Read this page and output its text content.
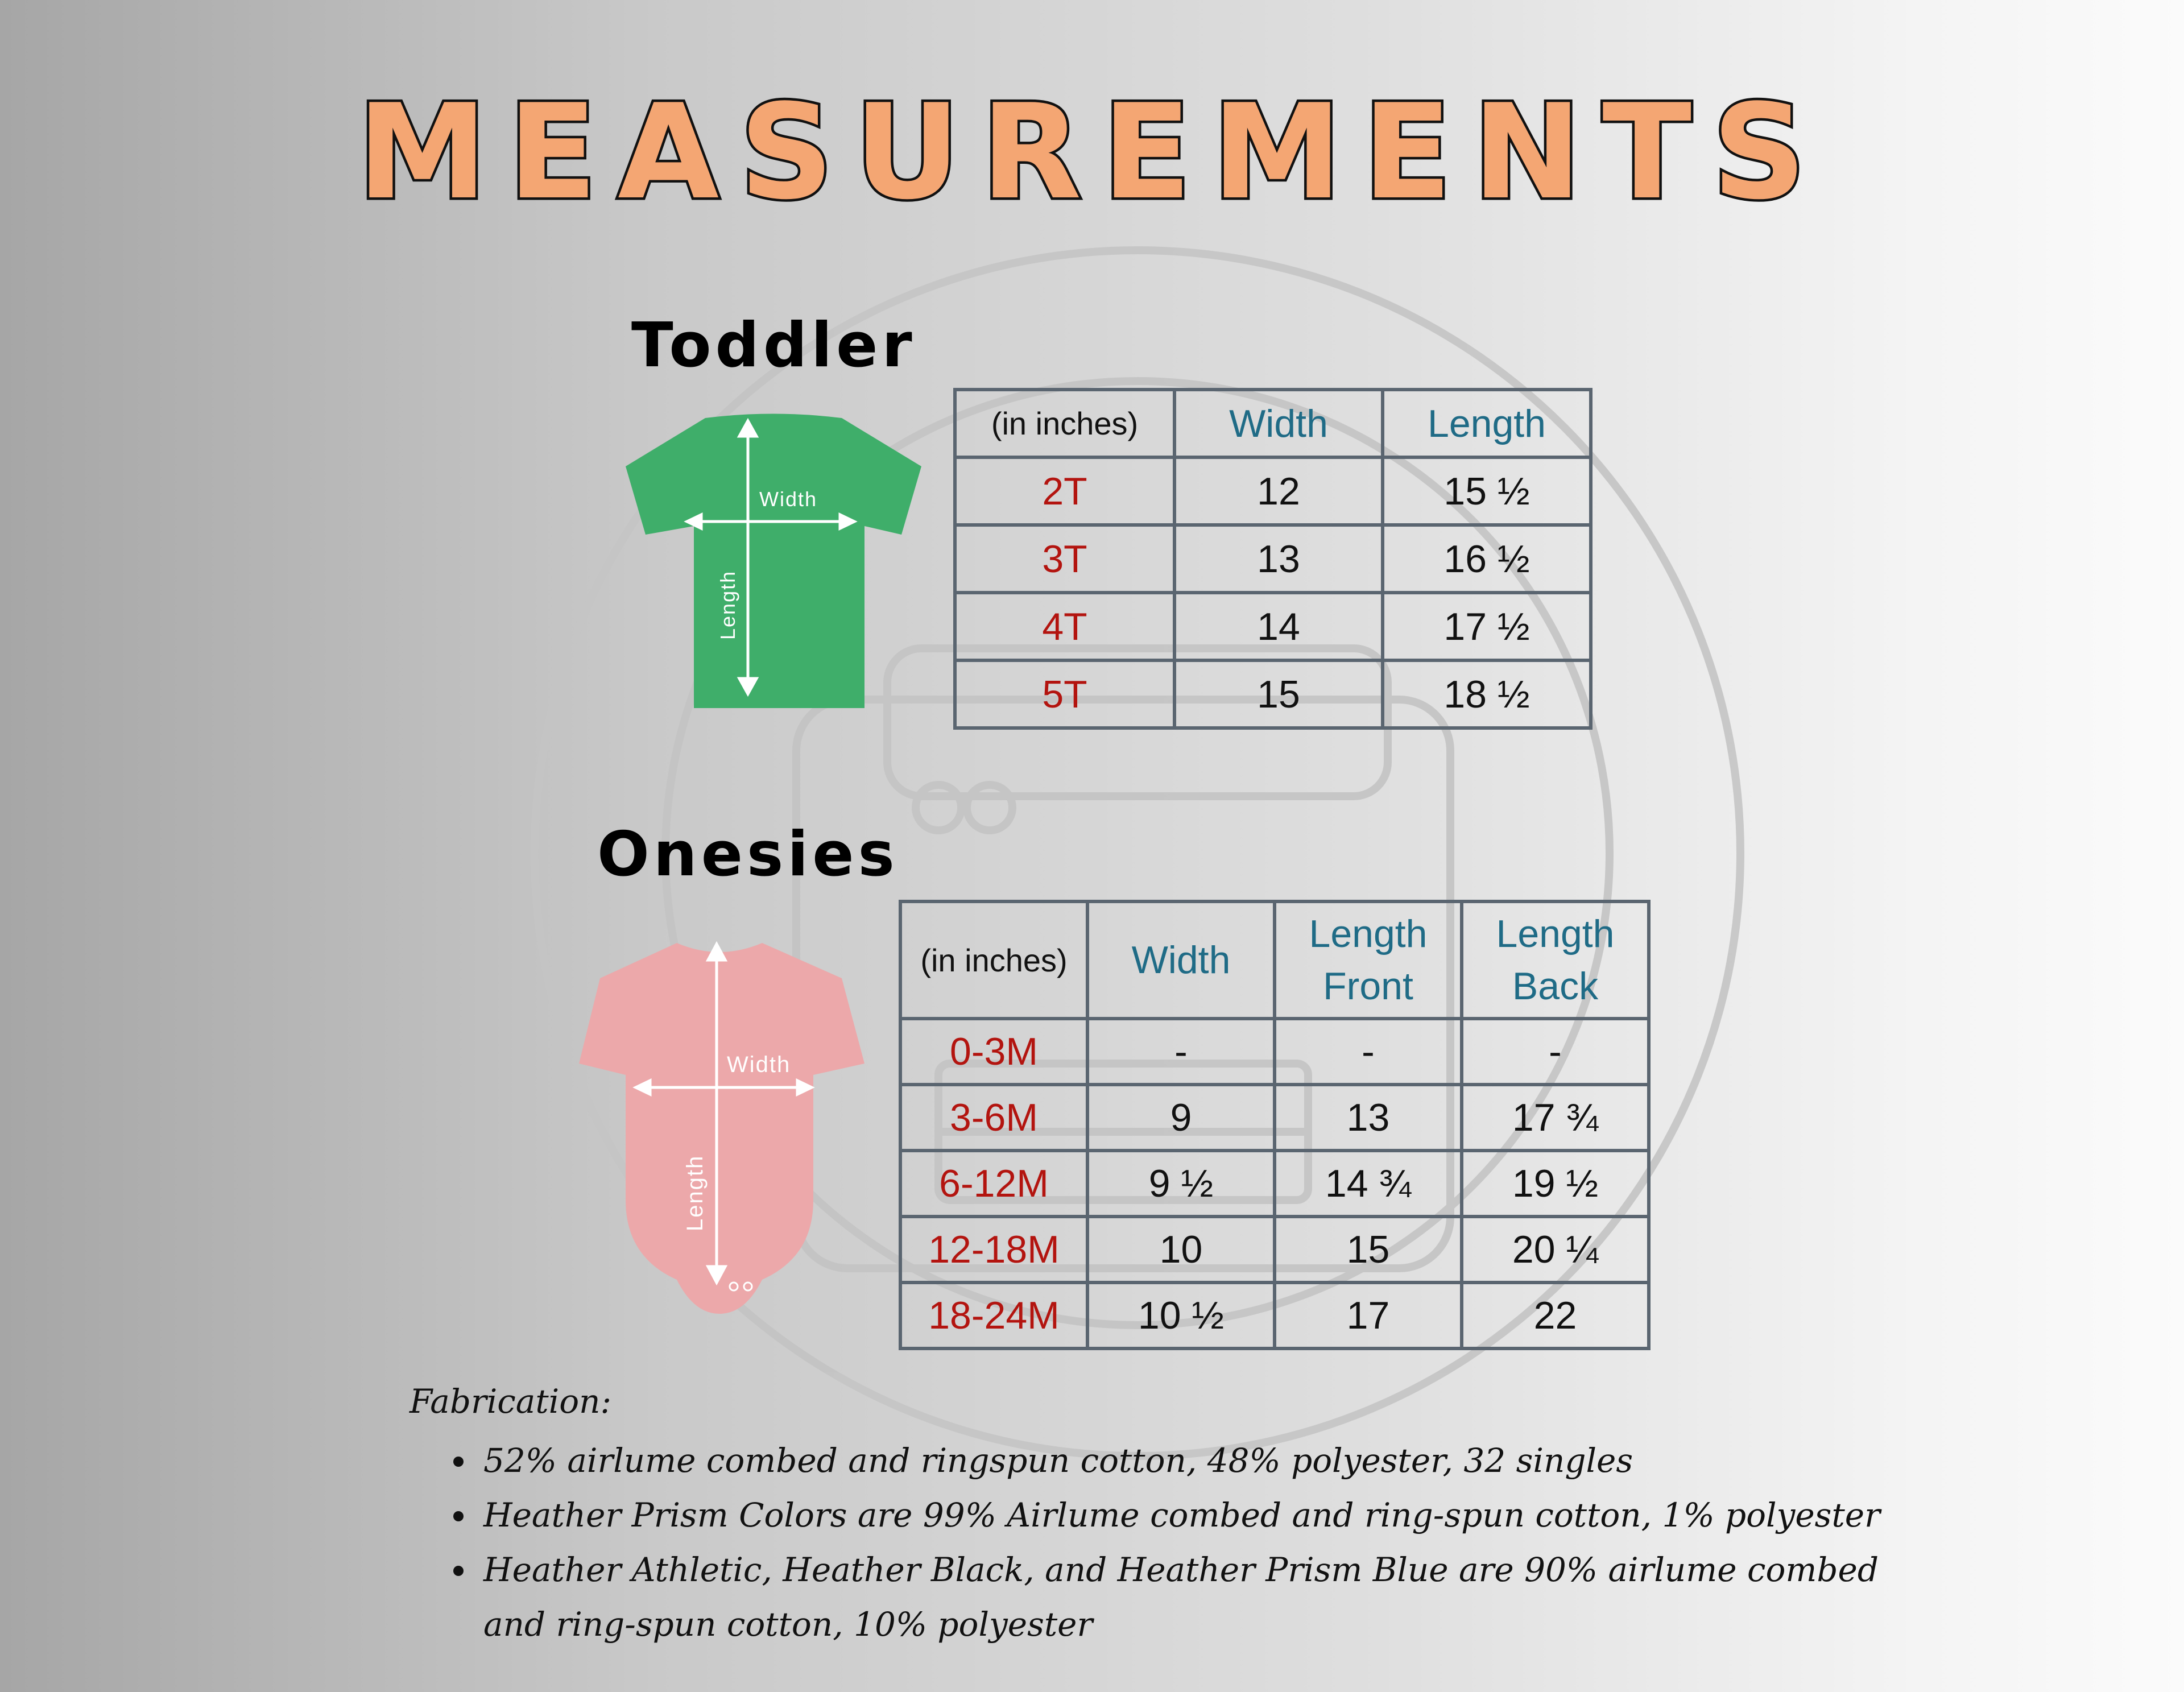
MEASUREMENTS
Toddler
Width
Length
(in inches)	Width	Length
2T	12	15 ½
3T	13	16 ½
4T	14	17 ½
5T	15	18 ½
Onesies
Width
Length
(in inches)	Width	Length Front	Length Back
0-3M	-	-	-
3-6M	9	13	17 ¾
6-12M	9 ½	14 ¾	19 ½
12-18M	10	15	20 ¼
18-24M	10 ½	17	22
Fabrication:
• 52% airlume combed and ringspun cotton, 48% polyester, 32 singles
• Heather Prism Colors are 99% Airlume combed and ring-spun cotton, 1% polyester
• Heather Athletic, Heather Black, and Heather Prism Blue are 90% airlume combed and ring-spun cotton, 10% polyester
